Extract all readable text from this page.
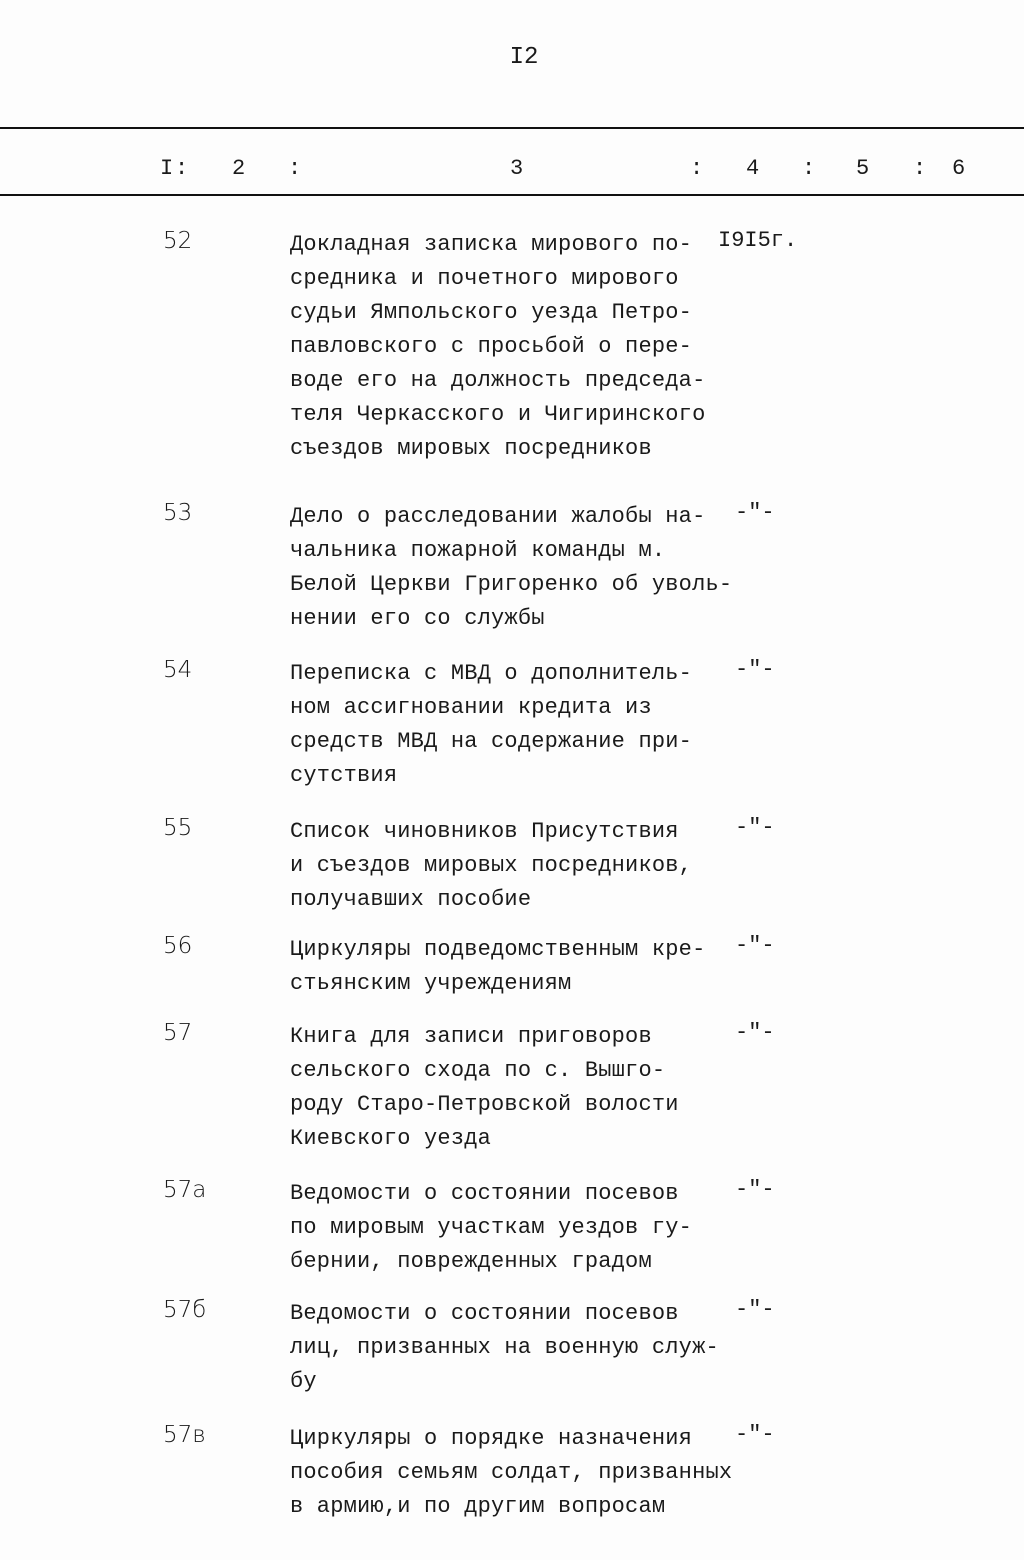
I2
I : 2 :	3	: 4 : 5 : 6
52	Докладная записка мирового по-
средника и почетного мирового
судьи Ямпольского уезда Петро-
павловского с просьбой о пере-
воде его на должность председа-
теля Черкасского и Чигиринского
съездов мировых посредников
I9I5г.
53	Дело о расследовании жалобы на-
чальника пожарной команды м.
Белой Церкви Григоренко об уволь-
нении его со службы
-"-
54	Переписка с МВД о дополнитель-
ном ассигновании кредита из
средств МВД на содержание при-
сутствия
-"-
55	Список чиновников Присутствия
и съездов мировых посредников,
получавших пособие
-"-
56	Циркуляры подведомственным кре-
стьянским учреждениям
-"-
57	Книга для записи приговоров
сельского схода по с. Вышго-
роду Старо-Петровской волости
Киевского уезда
-"-
57а	Ведомости о состоянии посевов
по мировым участкам уездов гу-
бернии, поврежденных градом
-"-
57б	Ведомости о состоянии посевов
лиц, призванных на военную служ-
бу
-"-
57в	Циркуляры о порядке назначения
пособия семьям солдат, призванных
в армию,и по другим вопросам
-"-
